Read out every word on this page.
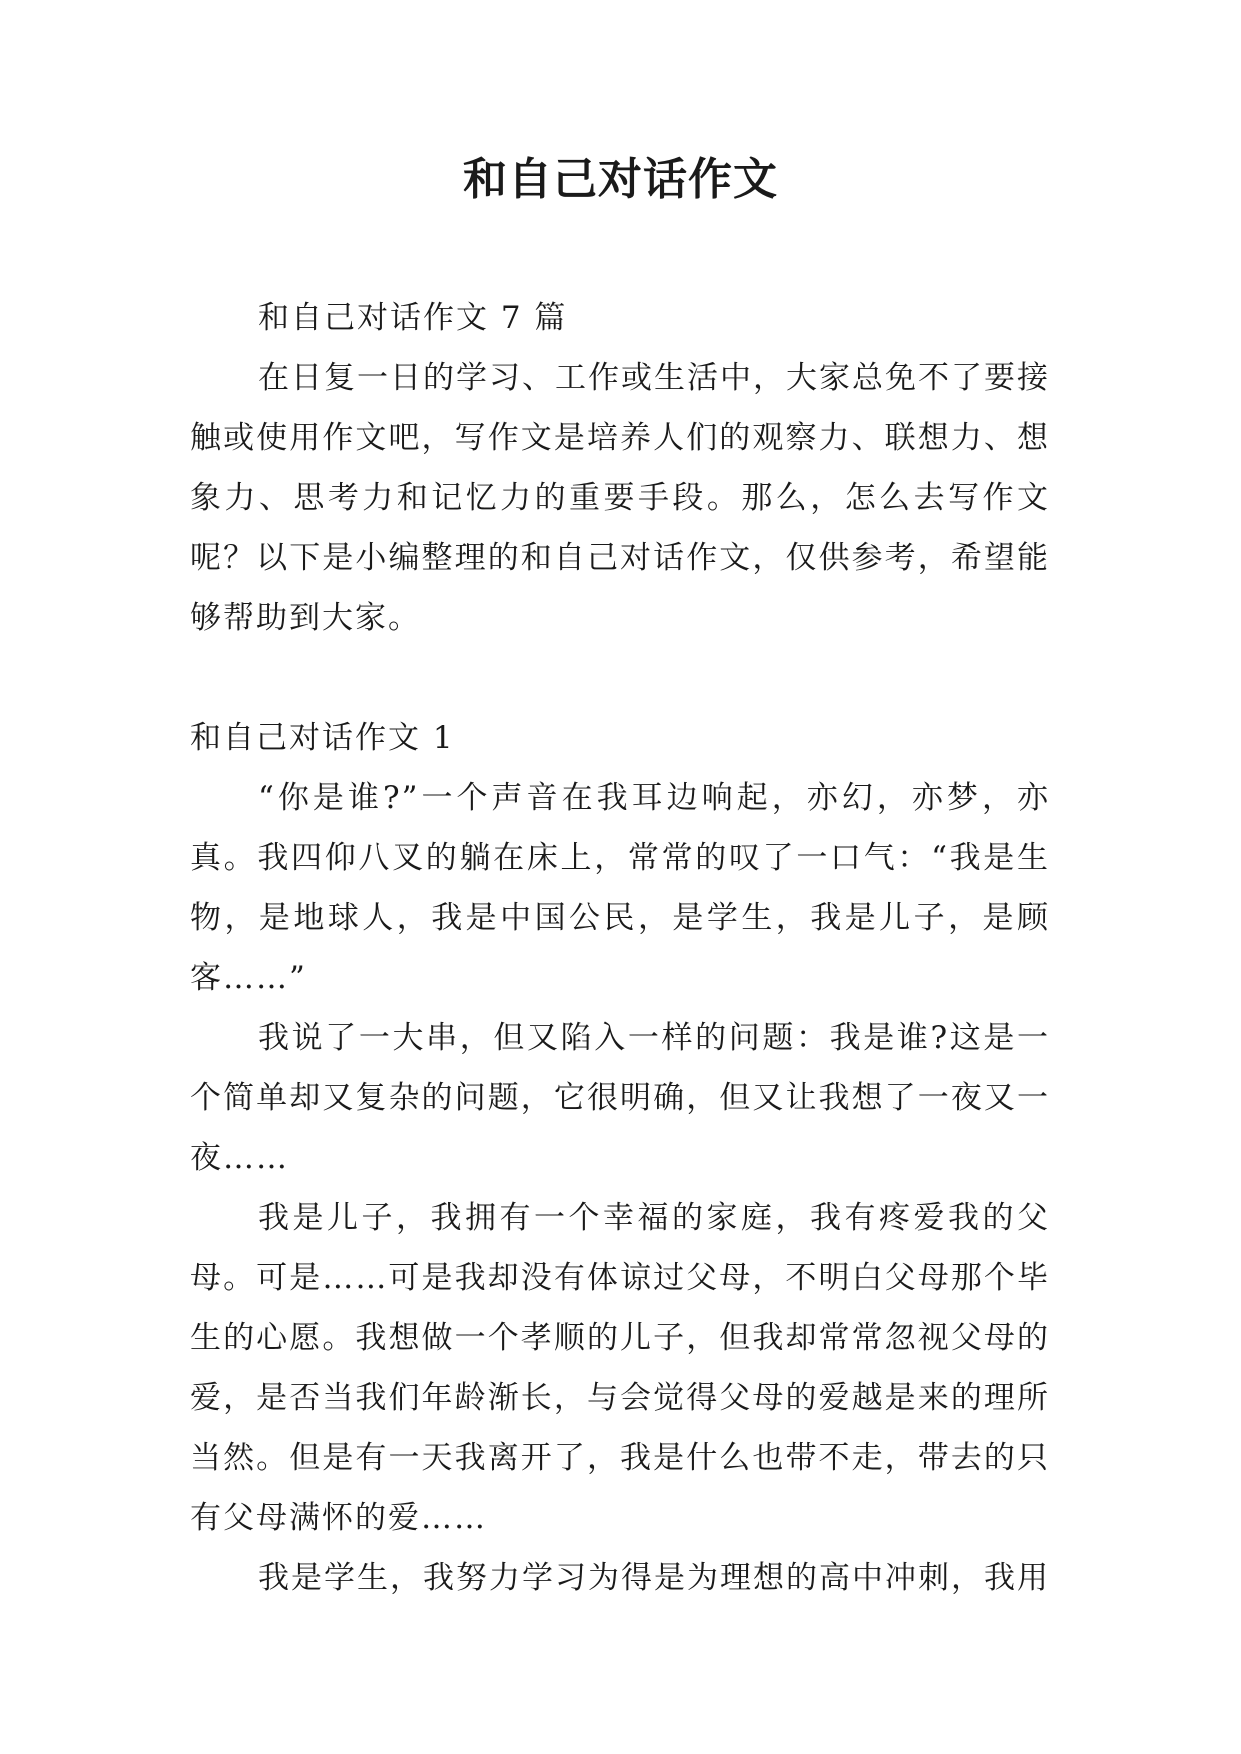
和自己对话作文

和自己对话作文 7 篇

在日复一日的学习、工作或生活中，大家总免不了要接触或使用作文吧，写作文是培养人们的观察力、联想力、想象力、思考力和记忆力的重要手段。那么，怎么去写作文呢？以下是小编整理的和自己对话作文，仅供参考，希望能够帮助到大家。

和自己对话作文 1

“你是谁?”一个声音在我耳边响起，亦幻，亦梦，亦真。我四仰八叉的躺在床上，常常的叹了一口气：“我是生物，是地球人，我是中国公民，是学生，我是儿子，是顾客……”

我说了一大串，但又陷入一样的问题：我是谁?这是一个简单却又复杂的问题，它很明确，但又让我想了一夜又一夜……

我是儿子，我拥有一个幸福的家庭，我有疼爱我的父母。可是……可是我却没有体谅过父母，不明白父母那个毕生的心愿。我想做一个孝顺的儿子，但我却常常忽视父母的爱，是否当我们年龄渐长，与会觉得父母的爱越是来的理所当然。但是有一天我离开了，我是什么也带不走，带去的只有父母满怀的爱……

我是学生，我努力学习为得是为理想的高中冲刺，我用
